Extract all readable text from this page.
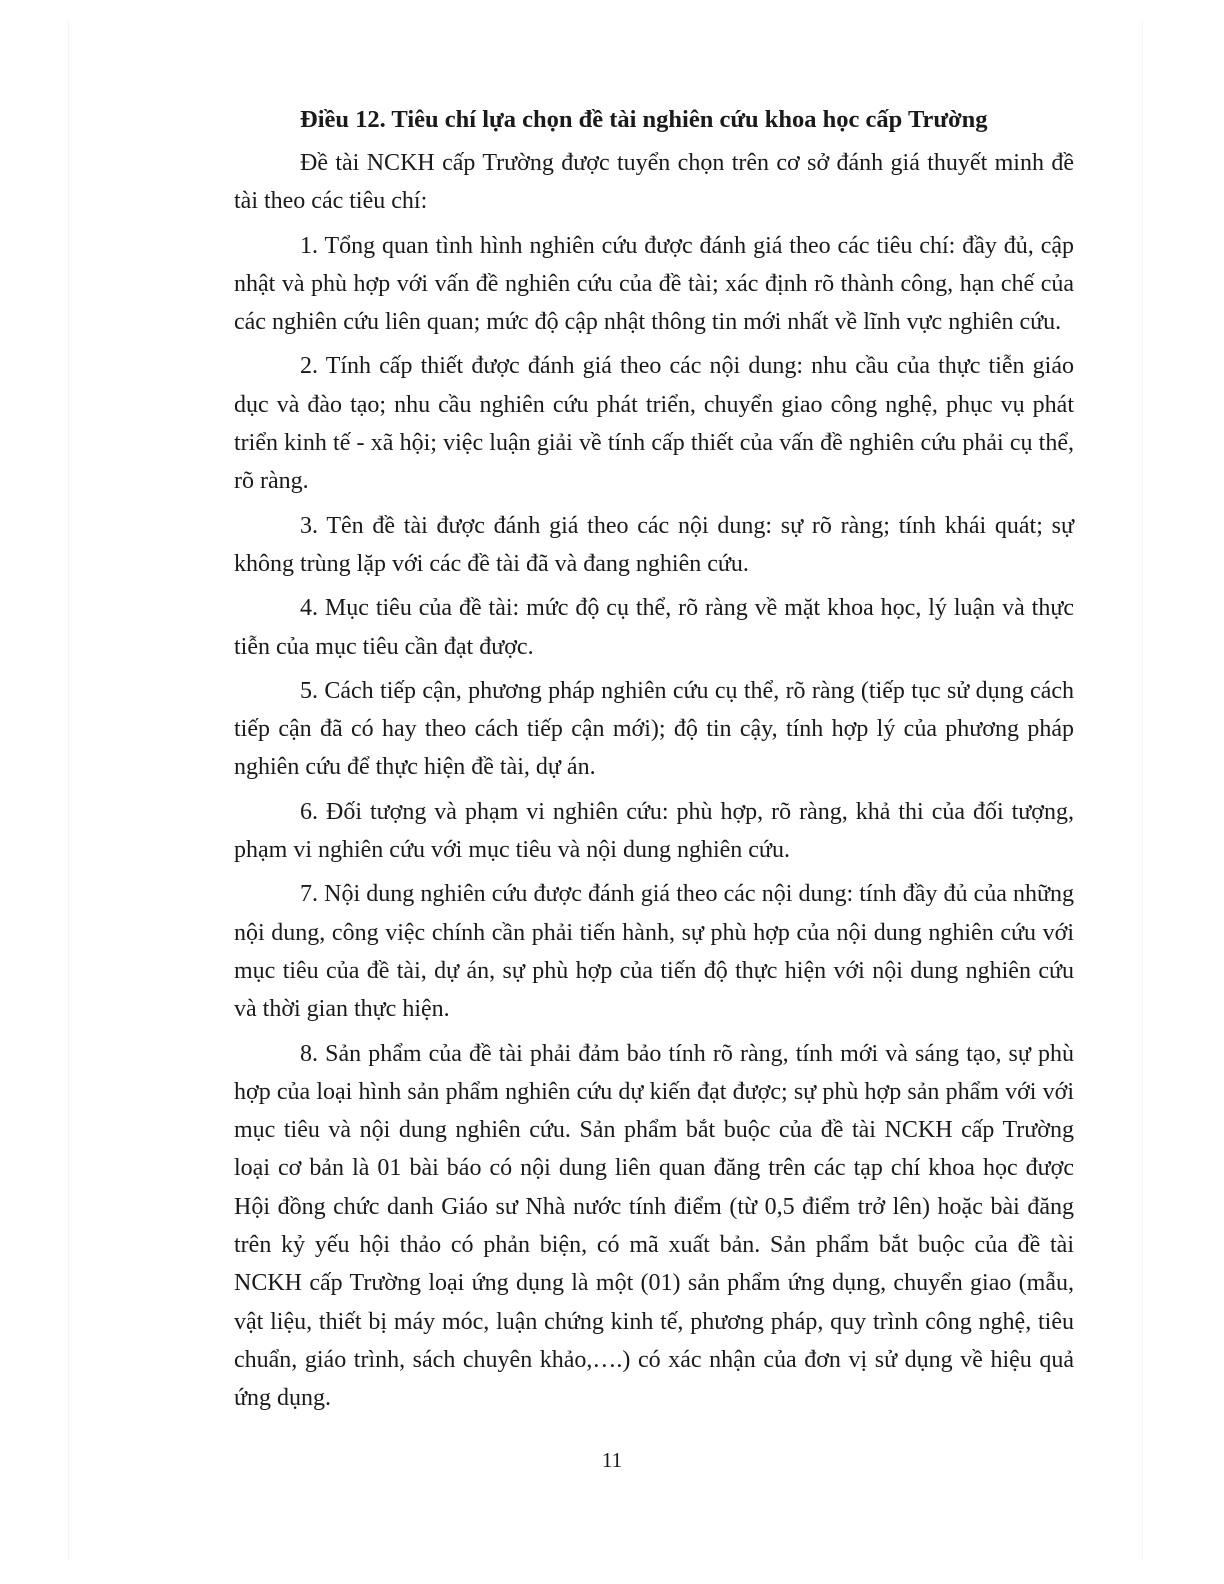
Điều 12. Tiêu chí lựa chọn đề tài nghiên cứu khoa học cấp Trường

Đề tài NCKH cấp Trường được tuyển chọn trên cơ sở đánh giá thuyết minh đề tài theo các tiêu chí:

1. Tổng quan tình hình nghiên cứu được đánh giá theo các tiêu chí: đầy đủ, cập nhật và phù hợp với vấn đề nghiên cứu của đề tài; xác định rõ thành công, hạn chế của các nghiên cứu liên quan; mức độ cập nhật thông tin mới nhất về lĩnh vực nghiên cứu.

2. Tính cấp thiết được đánh giá theo các nội dung: nhu cầu của thực tiễn giáo dục và đào tạo; nhu cầu nghiên cứu phát triển, chuyển giao công nghệ, phục vụ phát triển kinh tế - xã hội; việc luận giải về tính cấp thiết của vấn đề nghiên cứu phải cụ thể, rõ ràng.

3. Tên đề tài được đánh giá theo các nội dung: sự rõ ràng; tính khái quát; sự không trùng lặp với các đề tài đã và đang nghiên cứu.

4. Mục tiêu của đề tài: mức độ cụ thể, rõ ràng về mặt khoa học, lý luận và thực tiễn của mục tiêu cần đạt được.

5. Cách tiếp cận, phương pháp nghiên cứu cụ thể, rõ ràng (tiếp tục sử dụng cách tiếp cận đã có hay theo cách tiếp cận mới); độ tin cậy, tính hợp lý của phương pháp nghiên cứu để thực hiện đề tài, dự án.

6. Đối tượng và phạm vi nghiên cứu: phù hợp, rõ ràng, khả thi của đối tượng, phạm vi nghiên cứu với mục tiêu và nội dung nghiên cứu.

7. Nội dung nghiên cứu được đánh giá theo các nội dung: tính đầy đủ của những nội dung, công việc chính cần phải tiến hành, sự phù hợp của nội dung nghiên cứu với mục tiêu của đề tài, dự án, sự phù hợp của tiến độ thực hiện với nội dung nghiên cứu và thời gian thực hiện.

8. Sản phẩm của đề tài phải đảm bảo tính rõ ràng, tính mới và sáng tạo, sự phù hợp của loại hình sản phẩm nghiên cứu dự kiến đạt được; sự phù hợp sản phẩm với với mục tiêu và nội dung nghiên cứu. Sản phẩm bắt buộc của đề tài NCKH cấp Trường loại cơ bản là 01 bài báo có nội dung liên quan đăng trên các tạp chí khoa học được Hội đồng chức danh Giáo sư Nhà nước tính điểm (từ 0,5 điểm trở lên) hoặc bài đăng trên kỷ yếu hội thảo có phản biện, có mã xuất bản. Sản phẩm bắt buộc của đề tài NCKH cấp Trường loại ứng dụng là một (01) sản phẩm ứng dụng, chuyển giao (mẫu, vật liệu, thiết bị máy móc, luận chứng kinh tế, phương pháp, quy trình công nghệ, tiêu chuẩn, giáo trình, sách chuyên khảo,….) có xác nhận của đơn vị sử dụng về hiệu quả ứng dụng.

11
